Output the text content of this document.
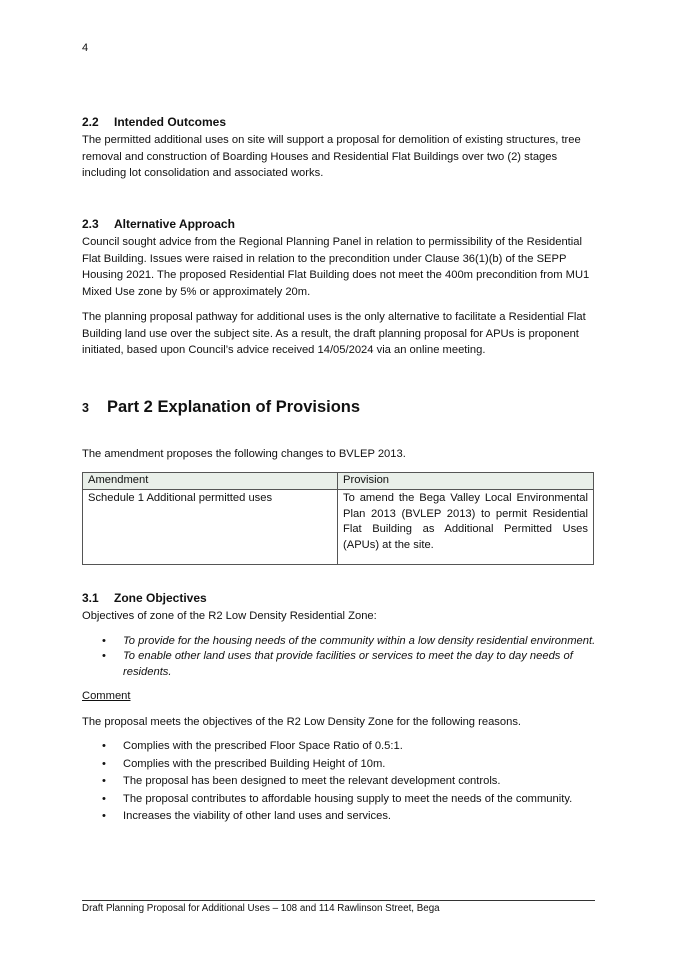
4
2.2 Intended Outcomes

The permitted additional uses on site will support a proposal for demolition of existing structures, tree removal and construction of Boarding Houses and Residential Flat Buildings over two (2) stages including lot consolidation and associated works.

2.3 Alternative Approach

Council sought advice from the Regional Planning Panel in relation to permissibility of the Residential Flat Building. Issues were raised in relation to the precondition under Clause 36(1)(b) of the SEPP Housing 2021. The proposed Residential Flat Building does not meet the 400m precondition from MU1 Mixed Use zone by 5% or approximately 20m.

The planning proposal pathway for additional uses is the only alternative to facilitate a Residential Flat Building land use over the subject site. As a result, the draft planning proposal for APUs is proponent initiated, based upon Council’s advice received 14/05/2024 via an online meeting.

3 Part 2 Explanation of Provisions

The amendment proposes the following changes to BVLEP 2013.

Amendment	Provision
Schedule 1 Additional permitted uses	To amend the Bega Valley Local Environmental Plan 2013 (BVLEP 2013) to permit Residential Flat Building as Additional Permitted Uses (APUs) at the site.
3.1 Zone Objectives

Objectives of zone of the R2 Low Density Residential Zone:

• To provide for the housing needs of the community within a low density residential environment.
• To enable other land uses that provide facilities or services to meet the day to day needs of residents.

Comment

The proposal meets the objectives of the R2 Low Density Zone for the following reasons.

• Complies with the prescribed Floor Space Ratio of 0.5:1.
• Complies with the prescribed Building Height of 10m.
• The proposal has been designed to meet the relevant development controls.
• The proposal contributes to affordable housing supply to meet the needs of the community.
• Increases the viability of other land uses and services.
Draft Planning Proposal for Additional Uses – 108 and 114 Rawlinson Street, Bega
